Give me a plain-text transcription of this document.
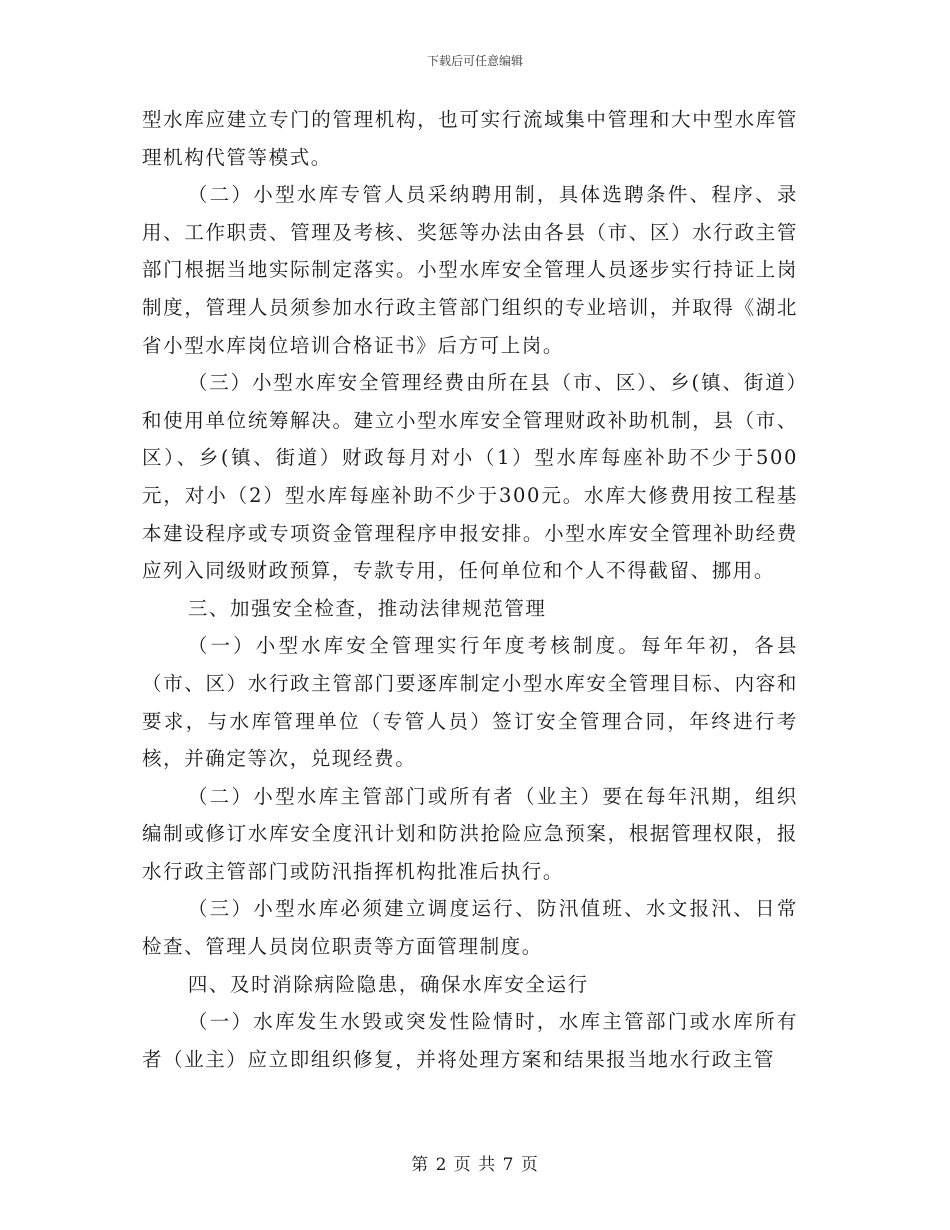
下载后可任意编辑

型水库应建立专门的管理机构，也可实行流域集中管理和大中型水库管理机构代管等模式。

（二）小型水库专管人员采纳聘用制，具体选聘条件、程序、录用、工作职责、管理及考核、奖惩等办法由各县（市、区）水行政主管部门根据当地实际制定落实。小型水库安全管理人员逐步实行持证上岗制度，管理人员须参加水行政主管部门组织的专业培训，并取得《湖北省小型水库岗位培训合格证书》后方可上岗。

（三）小型水库安全管理经费由所在县（市、区）、乡(镇、街道）和使用单位统筹解决。建立小型水库安全管理财政补助机制，县（市、区）、乡(镇、街道）财政每月对小（1）型水库每座补助不少于500元，对小（2）型水库每座补助不少于300元。水库大修费用按工程基本建设程序或专项资金管理程序申报安排。小型水库安全管理补助经费应列入同级财政预算，专款专用，任何单位和个人不得截留、挪用。

三、加强安全检查，推动法律规范管理

（一）小型水库安全管理实行年度考核制度。每年年初，各县（市、区）水行政主管部门要逐库制定小型水库安全管理目标、内容和要求，与水库管理单位（专管人员）签订安全管理合同，年终进行考核，并确定等次，兑现经费。

（二）小型水库主管部门或所有者（业主）要在每年汛期，组织编制或修订水库安全度汛计划和防洪抢险应急预案，根据管理权限，报水行政主管部门或防汛指挥机构批准后执行。

（三）小型水库必须建立调度运行、防汛值班、水文报汛、日常检查、管理人员岗位职责等方面管理制度。

四、及时消除病险隐患，确保水库安全运行

（一）水库发生水毁或突发性险情时，水库主管部门或水库所有者（业主）应立即组织修复，并将处理方案和结果报当地水行政主管

第 2 页 共 7 页
